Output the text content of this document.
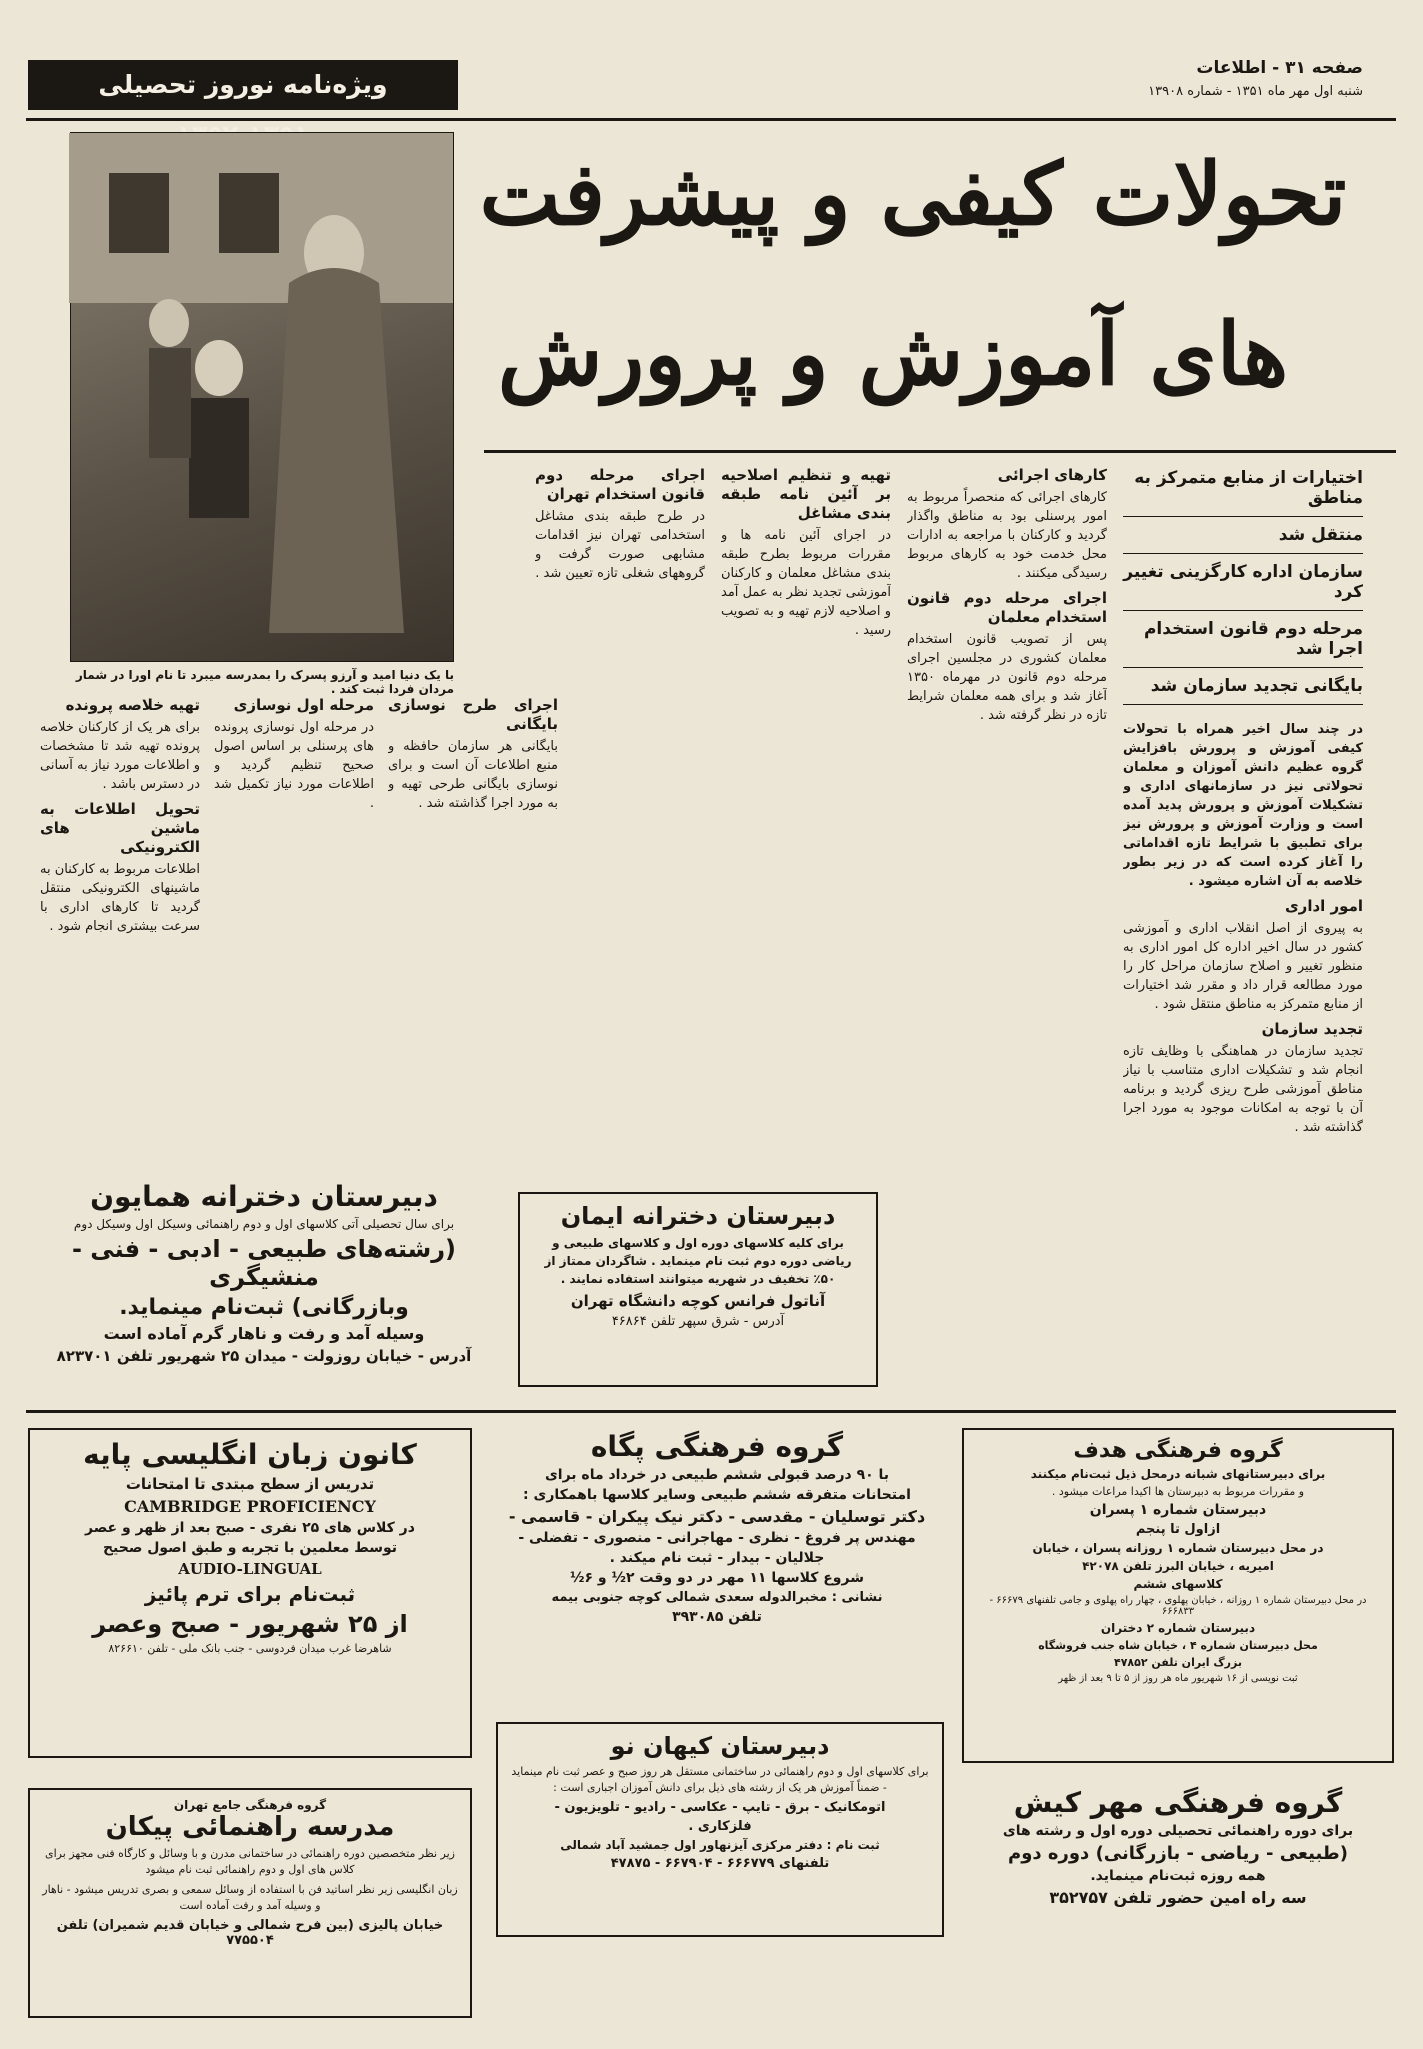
صفحه ۳۱ - اطلاعات
شنبه اول مهر ماه ۱۳۵۱ - شماره ۱۳۹۰۸
ویژه‌نامه نوروز تحصیلی
تحولات کیفی و پیشرفت
های آموزش و پرورش
با یک دنیا امید و آرزو پسرک را بمدرسه میبرد تا نام اورا در شمار مردان فردا ثبت کند .
اختیارات از منابع متمرکز به مناطق
منتقل شد
سازمان اداره کارگزینی تغییر کرد
مرحله دوم قانون استخدام اجرا شد
بایگانی تجدید سازمان شد
در چند سال اخیر همراه با تحولات کیفی آموزش و پرورش بافزایش گروه عظیم دانش آموزان و معلمان تحولاتی نیز در سازمانهای اداری و تشکیلات آموزش و پرورش پدید آمده است و وزارت آموزش و پرورش نیز برای تطبیق با شرایط تازه اقداماتی را آغاز کرده است که در زیر بطور خلاصه به آن اشاره میشود .
امور اداری
به پیروی از اصل انقلاب اداری و آموزشی کشور در سال اخیر اداره کل امور اداری به منظور تغییر و اصلاح سازمان مراحل کار را مورد مطالعه قرار داد و مقرر شد اختیارات از منابع متمرکز به مناطق منتقل شود .
تجدید سازمان
تجدید سازمان در هماهنگی با وظایف تازه انجام شد و تشکیلات اداری متناسب با نیاز مناطق آموزشی طرح ریزی گردید و برنامه آن با توجه به امکانات موجود به مورد اجرا گذاشته شد .
کارهای اجرائی
کارهای اجرائی که منحصراً مربوط به امور پرسنلی بود به مناطق واگذار گردید و کارکنان با مراجعه به ادارات محل خدمت خود به کارهای مربوط رسیدگی میکنند .
اجرای مرحله دوم قانون استخدام معلمان
پس از تصویب قانون استخدام معلمان کشوری در مجلسین اجرای مرحله دوم قانون در مهرماه ۱۳۵۰ آغاز شد و برای همه معلمان شرایط تازه در نظر گرفته شد .
تهیه و تنظیم اصلاحیه بر آئین نامه طبقه بندی مشاغل
در اجرای آئین نامه ها و مقررات مربوط بطرح طبقه بندی مشاغل معلمان و کارکنان آموزشی تجدید نظر به عمل آمد و اصلاحیه لازم تهیه و به تصویب رسید .
اجرای مرحله دوم قانون استخدام تهران
در طرح طبقه بندی مشاغل استخدامی تهران نیز اقدامات مشابهی صورت گرفت و گروههای شغلی تازه تعیین شد .
اجرای طرح نوسازی بایگانی
بایگانی هر سازمان حافظه و منبع اطلاعات آن است و برای نوسازی بایگانی طرحی تهیه و به مورد اجرا گذاشته شد .
مرحله اول نوسازی
در مرحله اول نوسازی پرونده های پرسنلی بر اساس اصول صحیح تنظیم گردید و اطلاعات مورد نیاز تکمیل شد .
تهیه خلاصه پرونده
برای هر یک از کارکنان خلاصه پرونده تهیه شد تا مشخصات و اطلاعات مورد نیاز به آسانی در دسترس باشد .
تحویل اطلاعات به ماشین های الکترونیکی
اطلاعات مربوط به کارکنان به ماشینهای الکترونیکی منتقل گردید تا کارهای اداری با سرعت بیشتری انجام شود .
دبیرستان دخترانه همایون

برای سال تحصیلی آتی کلاسهای اول و دوم راهنمائی وسیکل اول وسیکل دوم

(رشته‌های طبیعی - ادبی - فنی - منشیگری

وبازرگانی) ثبت‌نام مینماید.

وسیله آمد و رفت و ناهار گرم آماده است

آدرس - خیابان روزولت - میدان ۲۵ شهریور تلفن ۸۲۳۷۰۱

دبیرستان دخترانه ایمان

برای کلیه کلاسهای دوره اول و کلاسهای طبیعی و ریاضی دوره دوم ثبت نام مینماید . شاگردان ممتاز از ۵۰٪ تخفیف در شهریه میتوانند استفاده نمایند .

آناتول فرانس کوچه دانشگاه تهران

آدرس - شرق سپهر تلفن ۴۶۸۶۴

کانون زبان انگلیسی پایه

تدریس از سطح مبتدی تا امتحانات

CAMBRIDGE PROFICIENCY

در کلاس های ۲۵ نفری - صبح بعد از ظهر و عصر

توسط معلمین با تجربه و طبق اصول صحیح

AUDIO-LINGUAL

ثبت‌نام برای ترم پائیز

از ۲۵ شهریور - صبح وعصر

شاهرضا غرب میدان فردوسی - جنب بانک ملی - تلفن ۸۲۶۶۱۰

گروه فرهنگی پگاه

با ۹۰ درصد قبولی ششم طبیعی در خرداد ماه برای

امتحانات متفرقه ششم طبیعی وسایر کلاسها باهمکاری :

دکتر توسلیان - مقدسی - دکتر نیک پیکران - قاسمی -

مهندس پر فروغ - نظری - مهاجرانی - منصوری - تفضلی -

جلالیان - بیدار - ثبت نام میکند .

شروع کلاسها ۱۱ مهر در دو وقت ۲½ و ۶½

نشانی : مخبرالدوله سعدی شمالی کوچه جنوبی بیمه

تلفن ۳۹۳۰۸۵

گروه فرهنگی هدف

برای دبیرستانهای شبانه درمحل ذیل ثبت‌نام میکنند

و مقررات مربوط به دبیرستان ها اکیدا مراعات میشود .

دبیرستان شماره ۱ پسران

ازاول تا پنجم

در محل دبیرستان شماره ۱ روزانه پسران ، خیابان

امیریه ، خیابان البرز تلفن ۴۲۰۷۸

کلاسهای ششم

در محل دبیرستان شماره ۱ روزانه ، خیابان پهلوی ، چهار راه پهلوی و جامی تلفنهای ۶۶۶۷۹ - ۶۶۶۸۳۳

دبیرستان شماره ۲ دختران

محل دبیرستان شماره ۴ ، خیابان شاه جنب فروشگاه

بزرگ ایران تلفن ۴۷۸۵۲

ثبت نویسی از ۱۶ شهریور ماه هر روز از ۵ تا ۹ بعد از ظهر

گروه فرهنگی جامع تهران
مدرسه راهنمائی پیکان

زیر نظر متخصصین دوره راهنمائی در ساختمانی مدرن و با وسائل و کارگاه فنی مجهز برای کلاس های اول و دوم راهنمائی ثبت نام میشود

زبان انگلیسی زیر نظر اساتید فن با استفاده از وسائل سمعی و بصری تدریس میشود - ناهار و وسیله آمد و رفت آماده است

خیابان پالیزی (بین فرح شمالی و خیابان قدیم شمیران) تلفن ۷۷۵۵۰۴

دبیرستان کیهان نو

برای کلاسهای اول و دوم راهنمائی در ساختمانی مستقل هر روز صبح و عصر ثبت نام مینماید - ضمناً آموزش هر یک از رشته های ذیل برای دانش آموزان اجباری است :

اتومکانیک - برق - تایپ - عکاسی - رادیو - تلویزیون -

فلزکاری .

ثبت نام : دفتر مرکزی آیزنهاور اول جمشید آباد شمالی

تلفنهای ۶۶۶۷۷۹ - ۶۶۷۹۰۴ - ۴۷۸۷۵

گروه فرهنگی مهر کیش

برای دوره راهنمائی تحصیلی دوره اول و رشته های

(طبیعی - ریاضی - بازرگانی) دوره دوم

همه روزه ثبت‌نام مینماید.

سه راه امین حضور تلفن ۳۵۲۷۵۷
